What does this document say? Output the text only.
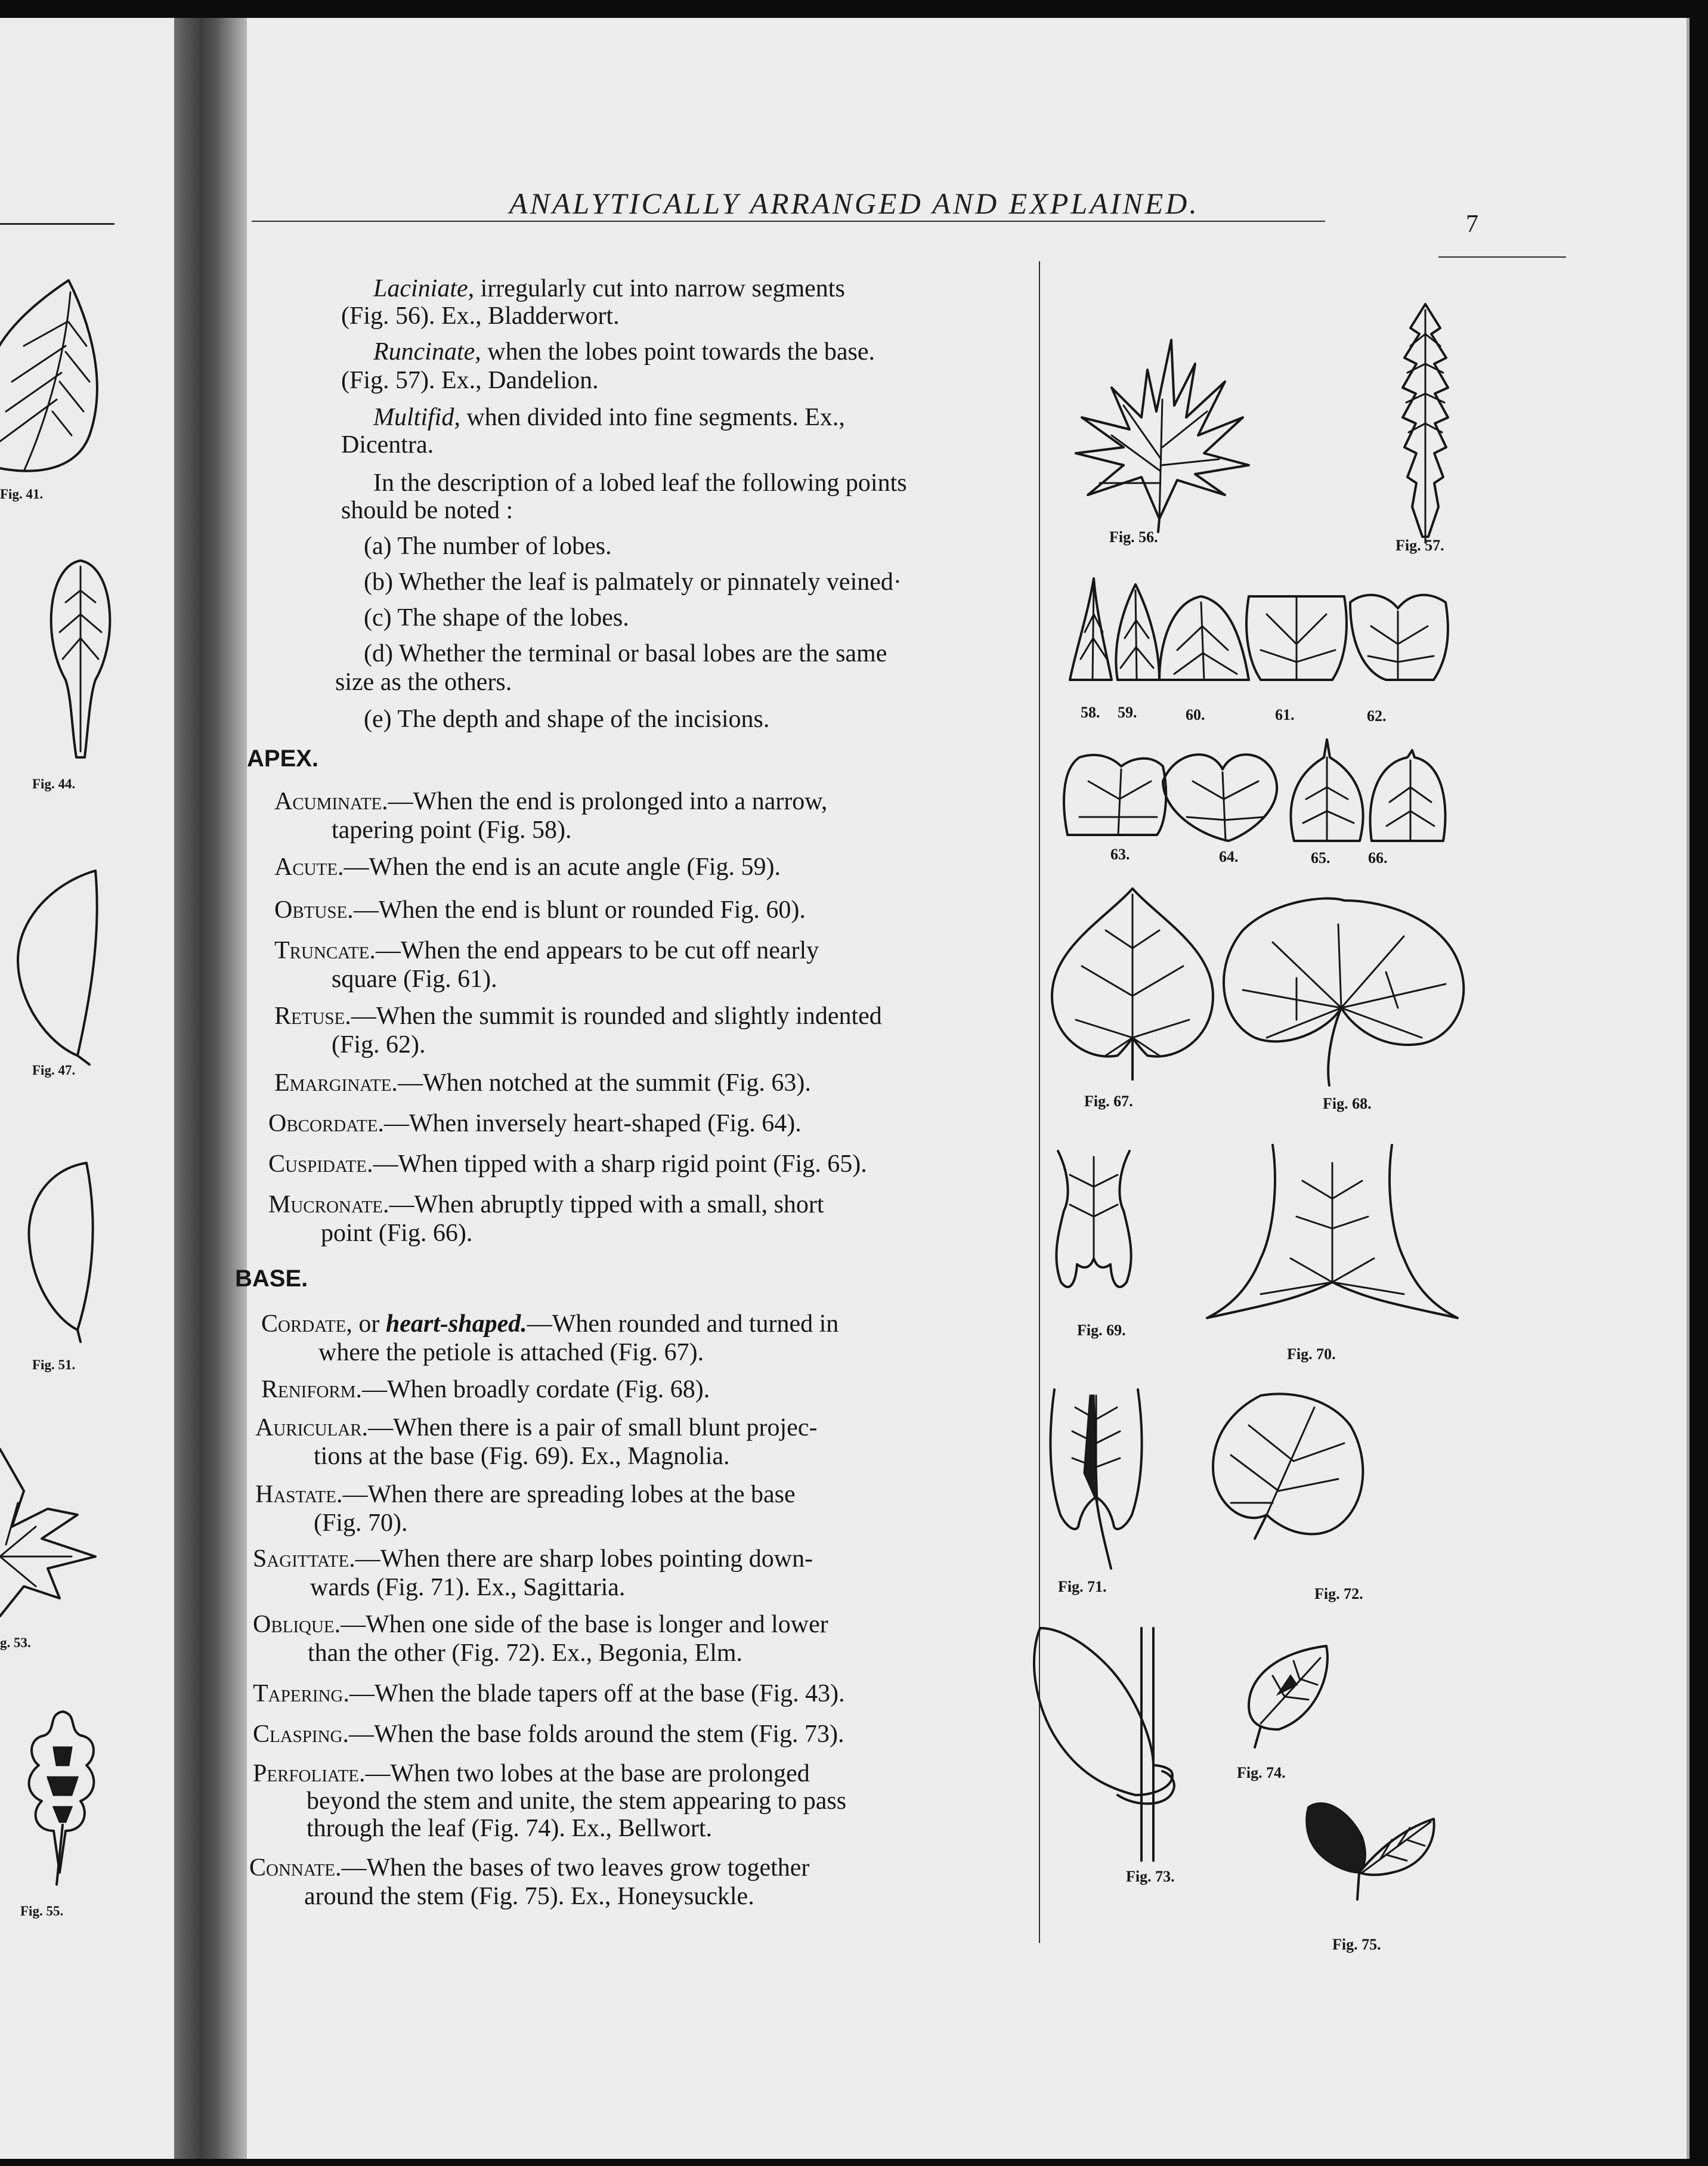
Fig. 41.
Fig. 44.
Fig. 47.
Fig. 51.
g. 53.
Fig. 55.
ANALYTICALLY ARRANGED AND EXPLAINED.
7
Laciniate, irregularly cut into narrow segments
(Fig. 56). Ex., Bladderwort.
Runcinate, when the lobes point towards the base.
(Fig. 57). Ex., Dandelion.
Multifid, when divided into fine segments. Ex.,
Dicentra.
In the description of a lobed leaf the following points
should be noted :
(a) The number of lobes.
(b) Whether the leaf is palmately or pinnately veined·
(c) The shape of the lobes.
(d) Whether the terminal or basal lobes are the same
size as the others.
(e) The depth and shape of the incisions.
APEX.
Acuminate.—When the end is prolonged into a narrow,
tapering point (Fig. 58).
Acute.—When the end is an acute angle (Fig. 59).
Obtuse.—When the end is blunt or rounded Fig. 60).
Truncate.—When the end appears to be cut off nearly
square (Fig. 61).
Retuse.—When the summit is rounded and slightly indented
(Fig. 62).
Emarginate.—When notched at the summit (Fig. 63).
Obcordate.—When inversely heart-shaped (Fig. 64).
Cuspidate.—When tipped with a sharp rigid point (Fig. 65).
Mucronate.—When abruptly tipped with a small, short
point (Fig. 66).
BASE.
Cordate, or heart-shaped.—When rounded and turned in
where the petiole is attached (Fig. 67).
Reniform.—When broadly cordate (Fig. 68).
Auricular.—When there is a pair of small blunt projec-
tions at the base (Fig. 69). Ex., Magnolia.
Hastate.—When there are spreading lobes at the base
(Fig. 70).
Sagittate.—When there are sharp lobes pointing down-
wards (Fig. 71). Ex., Sagittaria.
Oblique.—When one side of the base is longer and lower
than the other (Fig. 72). Ex., Begonia, Elm.
Tapering.—When the blade tapers off at the base (Fig. 43).
Clasping.—When the base folds around the stem (Fig. 73).
Perfoliate.—When two lobes at the base are prolonged
beyond the stem and unite, the stem appearing to pass
through the leaf (Fig. 74). Ex., Bellwort.
Connate.—When the bases of two leaves grow together
around the stem (Fig. 75). Ex., Honeysuckle.
Fig. 56.	Fig. 57.
58. 59.	60.	61.	62.
63.	64.	65. 66.
Fig. 67.	Fig. 68.
Fig. 69.
Fig. 70.
Fig. 71.	Fig. 72.
Fig. 73.
Fig. 74.
Fig. 75.
